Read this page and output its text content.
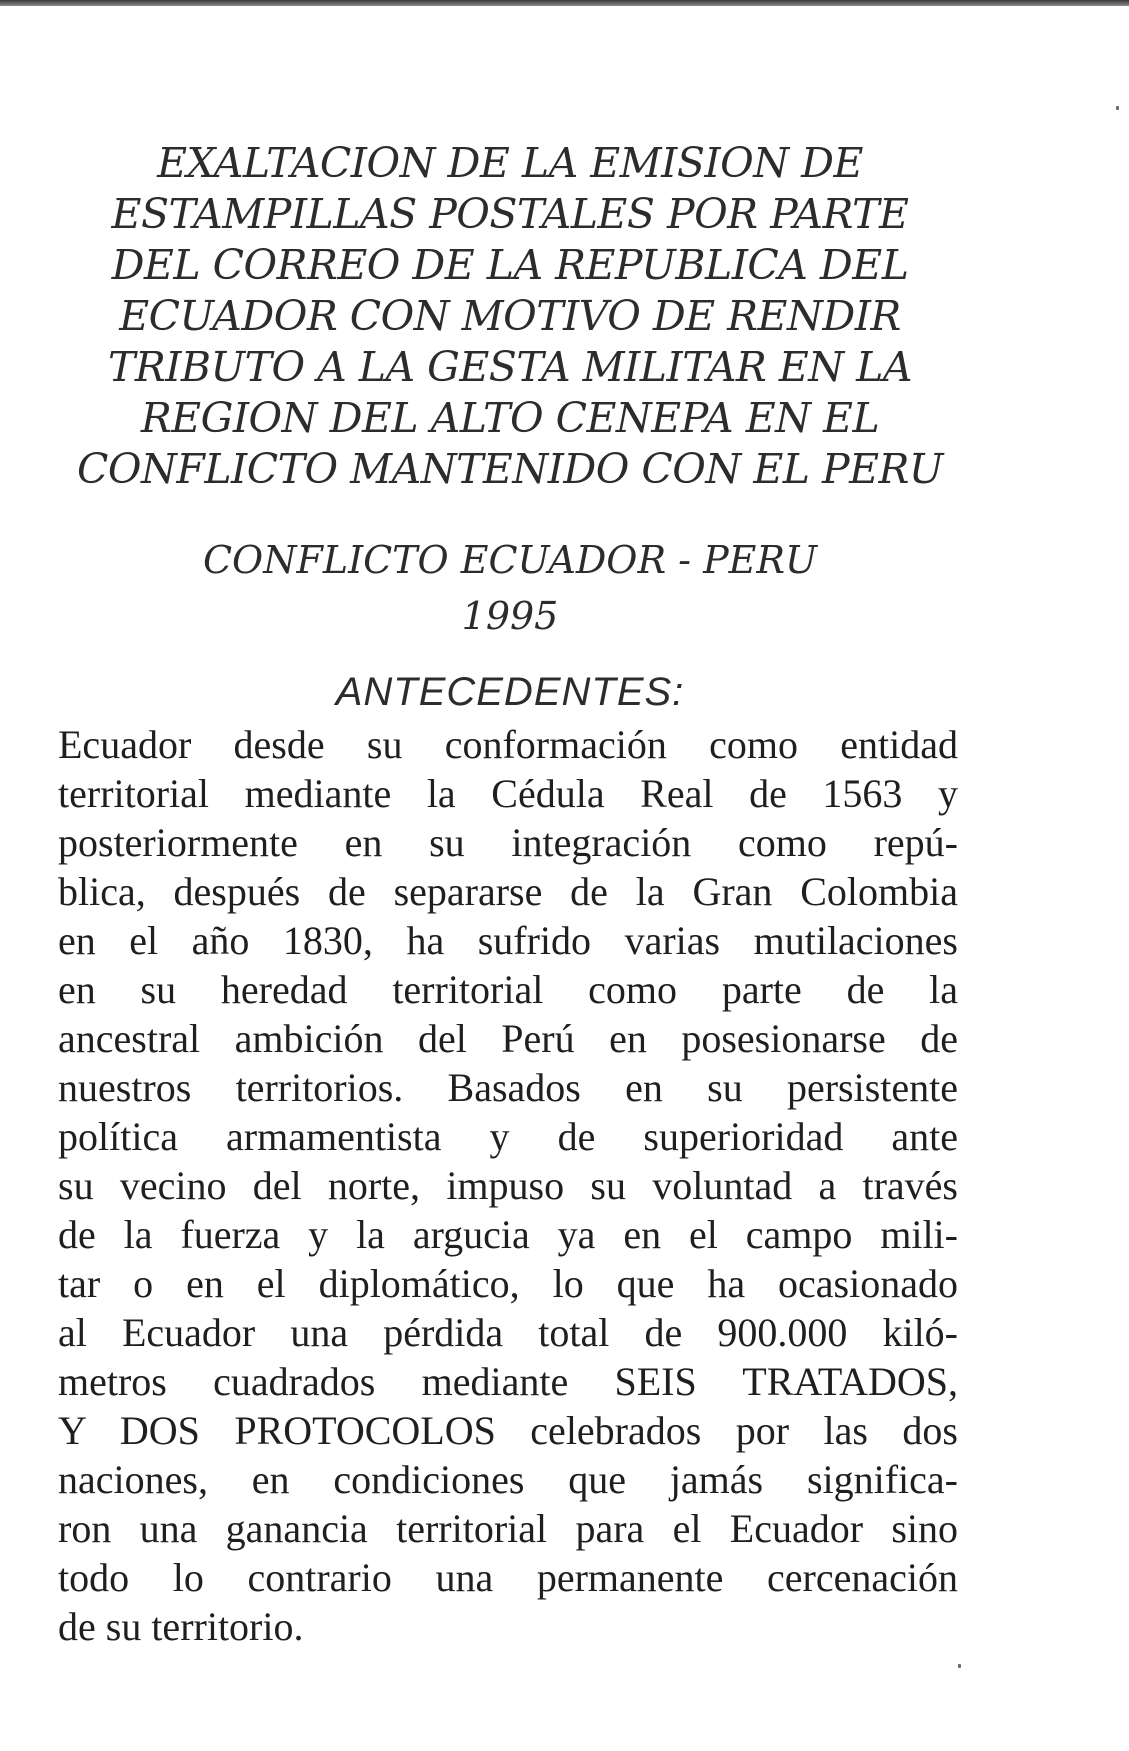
EXALTACION DE LA EMISION DE
ESTAMPILLAS POSTALES POR PARTE
DEL CORREO DE LA REPUBLICA DEL
ECUADOR CON MOTIVO DE RENDIR
TRIBUTO A LA GESTA MILITAR EN LA
REGION DEL ALTO CENEPA EN EL
CONFLICTO MANTENIDO CON EL PERU
CONFLICTO ECUADOR - PERU
1995
ANTECEDENTES:
Ecuador desde su conformación como entidad
territorial mediante la Cédula Real de 1563 y
posteriormente en su integración como repú-
blica, después de separarse de la Gran Colombia
en el año 1830, ha sufrido varias mutilaciones
en su heredad territorial como parte de la
ancestral ambición del Perú en posesionarse de
nuestros territorios. Basados en su persistente
política armamentista y de superioridad ante
su vecino del norte, impuso su voluntad a través
de la fuerza y la argucia ya en el campo mili-
tar o en el diplomático, lo que ha ocasionado
al Ecuador una pérdida total de 900.000 kiló-
metros cuadrados mediante SEIS TRATADOS,
Y DOS PROTOCOLOS celebrados por las dos
naciones, en condiciones que jamás significa-
ron una ganancia territorial para el Ecuador sino
todo lo contrario una permanente cercenación
de su territorio.
